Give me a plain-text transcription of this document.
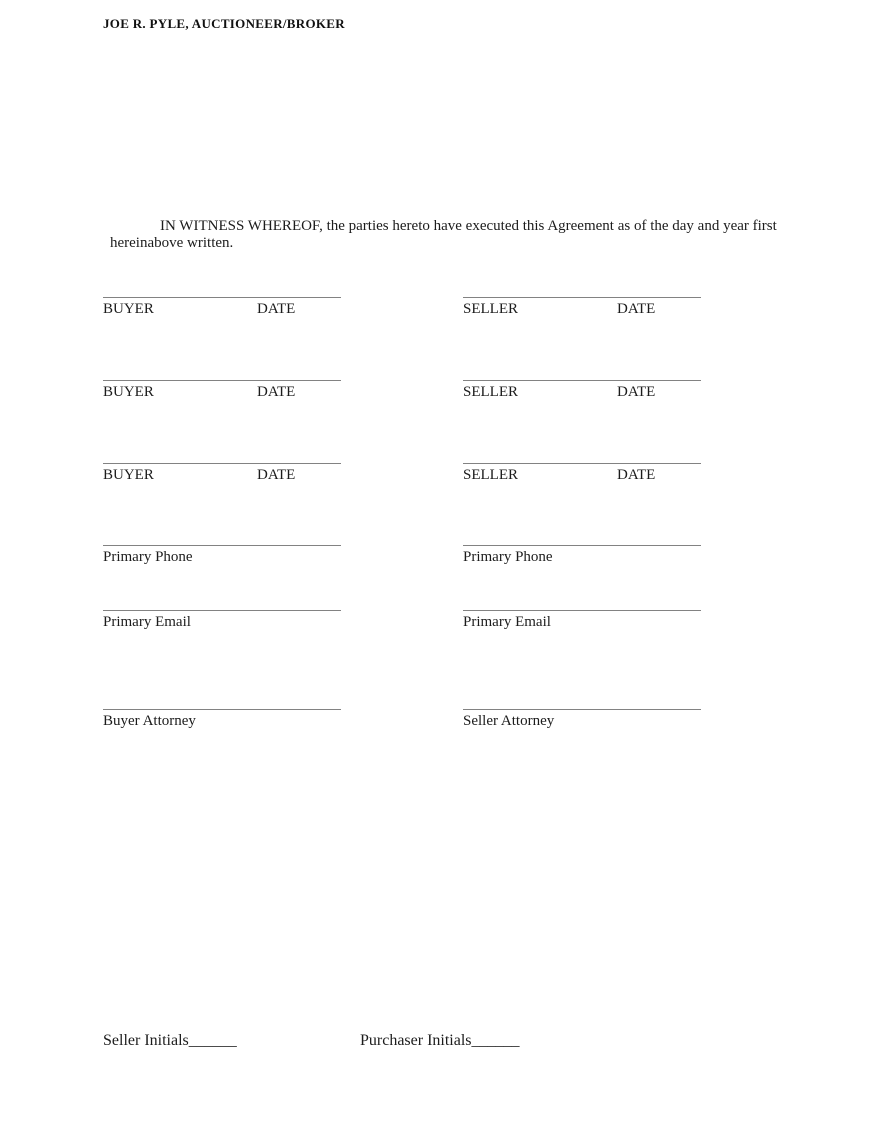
JOE R. PYLE, AUCTIONEER/BROKER

IN WITNESS WHEREOF, the parties hereto have executed this Agreement as of the day and year first hereinabove written.

BUYER	DATE	SELLER	DATE
BUYER	DATE	SELLER	DATE
BUYER	DATE	SELLER	DATE
Primary Phone	Primary Phone
Primary Email	Primary Email
Buyer Attorney	Seller Attorney
Seller Initials______	Purchaser Initials______
